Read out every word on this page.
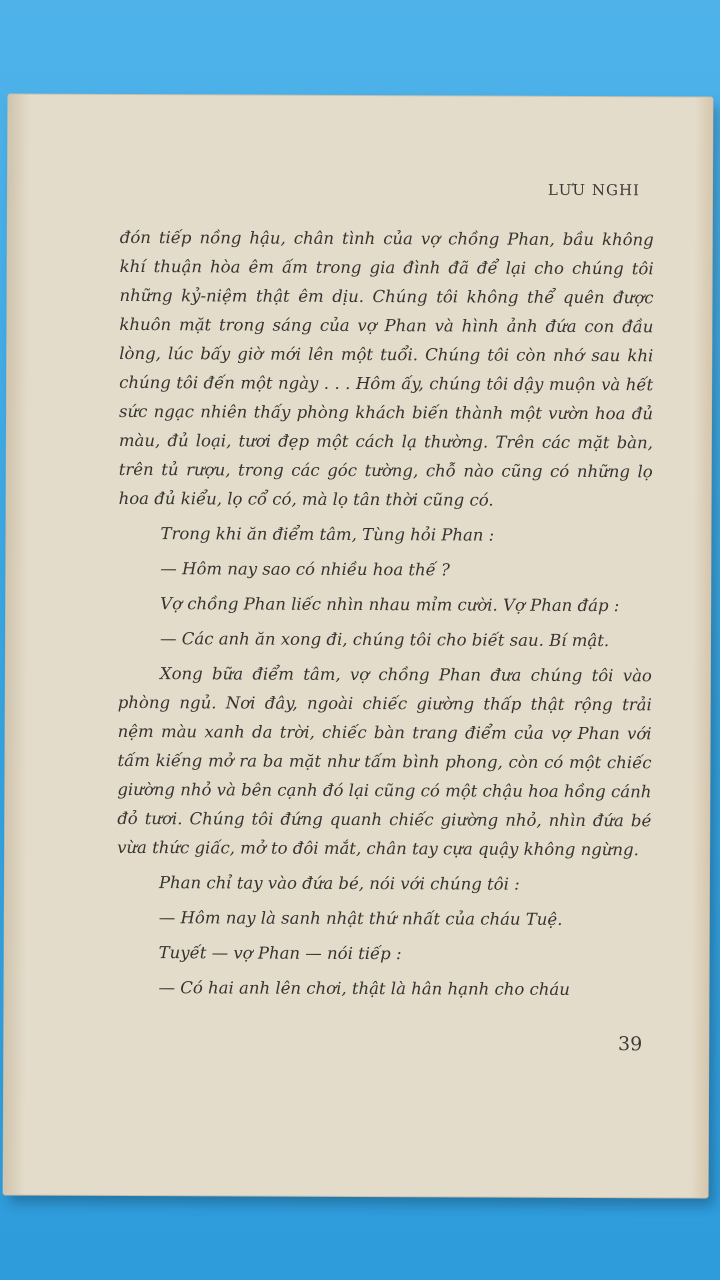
LƯU NGHI

đón tiếp nồng hậu, chân tình của vợ chồng Phan, bầu không khí thuận hòa êm ấm trong gia đình đã để lại cho chúng tôi những kỷ-niệm thật êm dịu. Chúng tôi không thể quên được khuôn mặt trong sáng của vợ Phan và hình ảnh đứa con đầu lòng, lúc bấy giờ mới lên một tuổi. Chúng tôi còn nhớ sau khi chúng tôi đến một ngày . . . Hôm ấy, chúng tôi dậy muộn và hết sức ngạc nhiên thấy phòng khách biến thành một vườn hoa đủ màu, đủ loại, tươi đẹp một cách lạ thường. Trên các mặt bàn, trên tủ rượu, trong các góc tường, chỗ nào cũng có những lọ hoa đủ kiểu, lọ cổ có, mà lọ tân thời cũng có.

Trong khi ăn điểm tâm, Tùng hỏi Phan :

— Hôm nay sao có nhiều hoa thế ?

Vợ chồng Phan liếc nhìn nhau mỉm cười. Vợ Phan đáp :

— Các anh ăn xong đi, chúng tôi cho biết sau. Bí mật.

Xong bữa điểm tâm, vợ chồng Phan đưa chúng tôi vào phòng ngủ. Nơi đây, ngoài chiếc giường thấp thật rộng trải nệm màu xanh da trời, chiếc bàn trang điểm của vợ Phan với tấm kiếng mở ra ba mặt như tấm bình phong, còn có một chiếc giường nhỏ và bên cạnh đó lại cũng có một chậu hoa hồng cánh đỏ tươi. Chúng tôi đứng quanh chiếc giường nhỏ, nhìn đứa bé vừa thức giấc, mở to đôi mắt, chân tay cựa quậy không ngừng.

Phan chỉ tay vào đứa bé, nói với chúng tôi :

— Hôm nay là sanh nhật thứ nhất của cháu Tuệ.

Tuyết — vợ Phan — nói tiếp :

— Có hai anh lên chơi, thật là hân hạnh cho cháu

39
